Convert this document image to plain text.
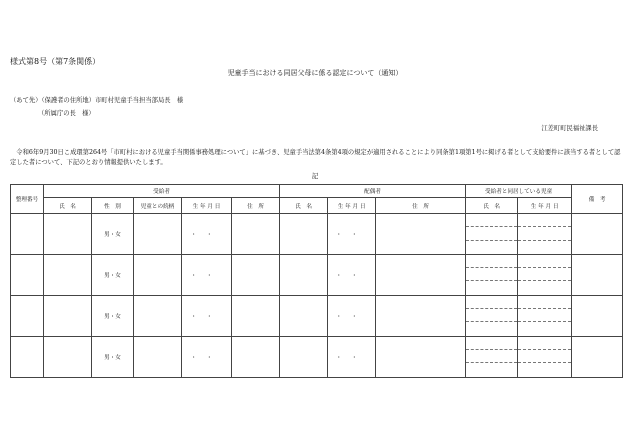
様式第8号（第7条関係）
児童手当における同居父母に係る認定について（通知）
（あて先）（保護者の住所地）市町村児童手当担当部局長　様
（所属庁の長　様）
江差町町民福祉課長
　令和6年9月30日こ成環第264号「市町村における児童手当関係事務処理について」に基づき、児童手当法第4条第4項の規定が適用されることにより同条第1項第1号に掲げる者として支給要件に該当する者として認定した者について、下記のとおり情報提供いたします。
記
整理番号	受給者					配偶者			受給者と同居している児童		備　考
	氏　名	性　別	児童との続柄	生 年 月 日	住　所	氏　名	生 年 月 日	住　所	氏　名	生 年 月 日	
		男・女		・・			・・		

		男・女		・・			・・		

		男・女		・・			・・		

		男・女		・・			・・		
